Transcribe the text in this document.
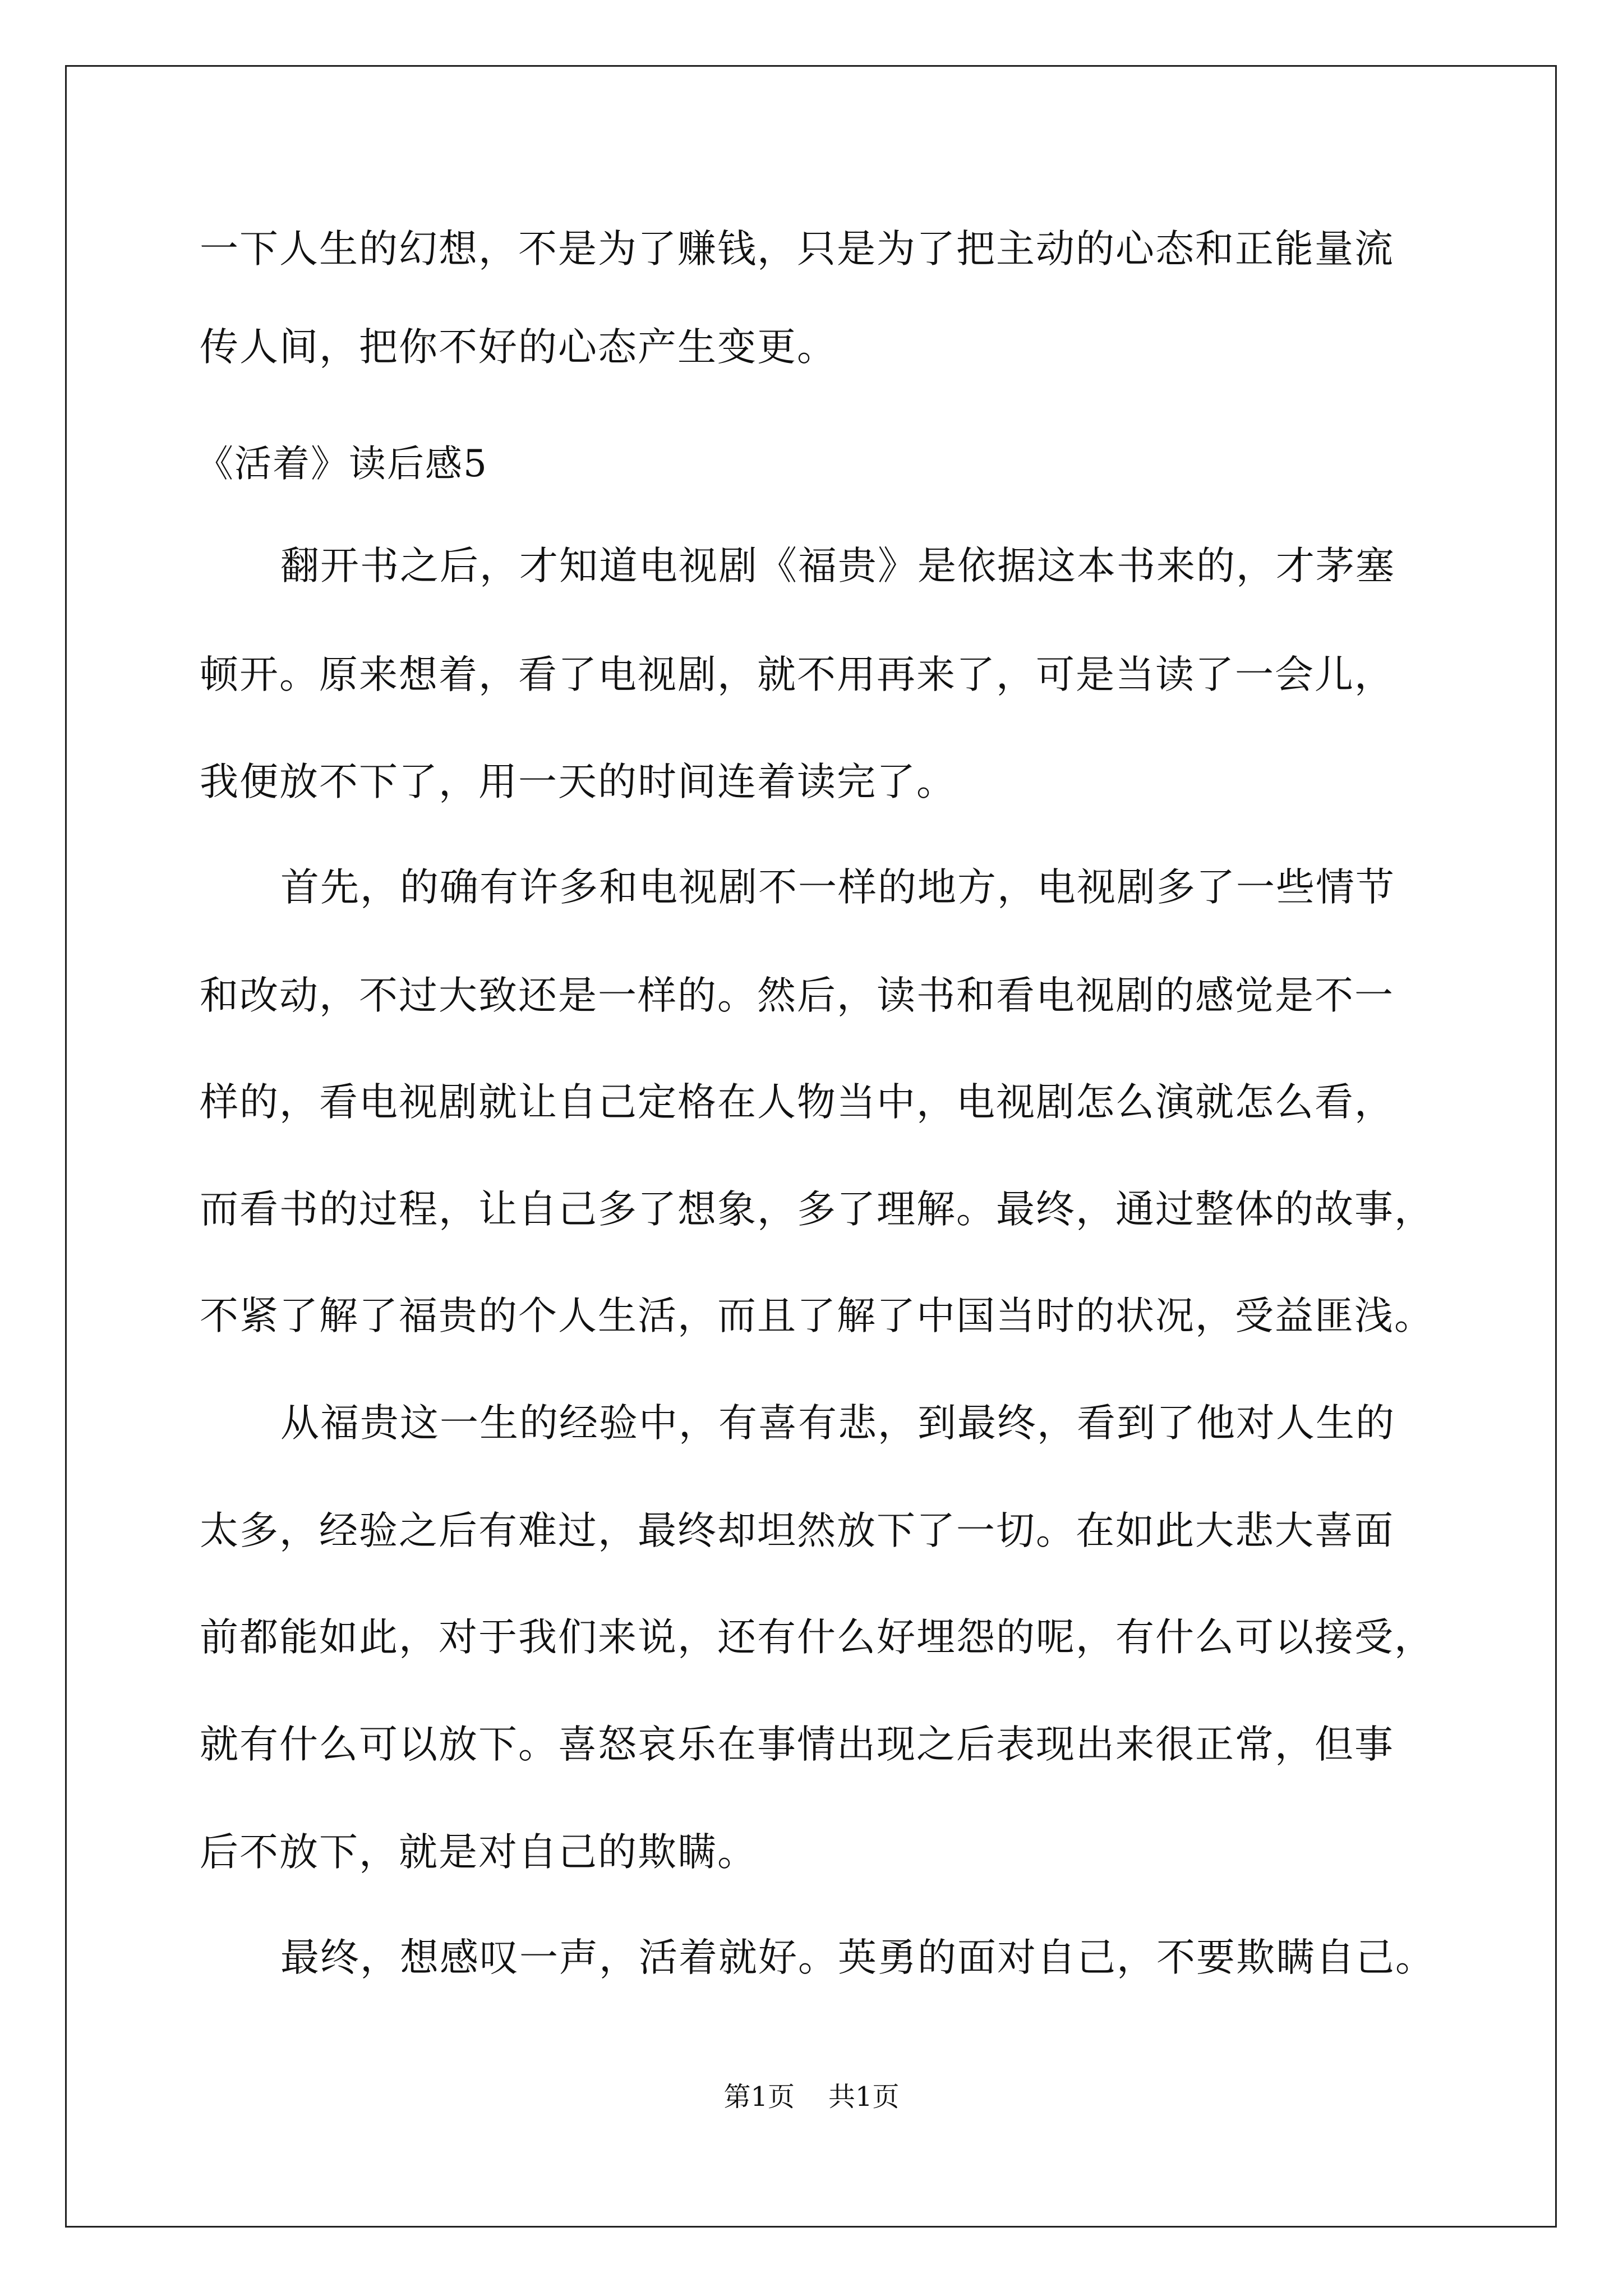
一下人生的幻想，不是为了赚钱，只是为了把主动的心态和正能量流
传人间，把你不好的心态产生变更。
《活着》读后感5
翻开书之后，才知道电视剧《福贵》是依据这本书来的，才茅塞
顿开。原来想着，看了电视剧，就不用再来了，可是当读了一会儿，
我便放不下了，用一天的时间连着读完了。
首先，的确有许多和电视剧不一样的地方，电视剧多了一些情节
和改动，不过大致还是一样的。然后，读书和看电视剧的感觉是不一
样的，看电视剧就让自己定格在人物当中，电视剧怎么演就怎么看，
而看书的过程，让自己多了想象，多了理解。最终，通过整体的故事，
不紧了解了福贵的个人生活，而且了解了中国当时的状况，受益匪浅。
从福贵这一生的经验中，有喜有悲，到最终，看到了他对人生的
太多，经验之后有难过，最终却坦然放下了一切。在如此大悲大喜面
前都能如此，对于我们来说，还有什么好埋怨的呢，有什么可以接受，
就有什么可以放下。喜怒哀乐在事情出现之后表现出来很正常，但事
后不放下，就是对自己的欺瞒。
最终，想感叹一声，活着就好。英勇的面对自己，不要欺瞒自己。
第1页 共1页
